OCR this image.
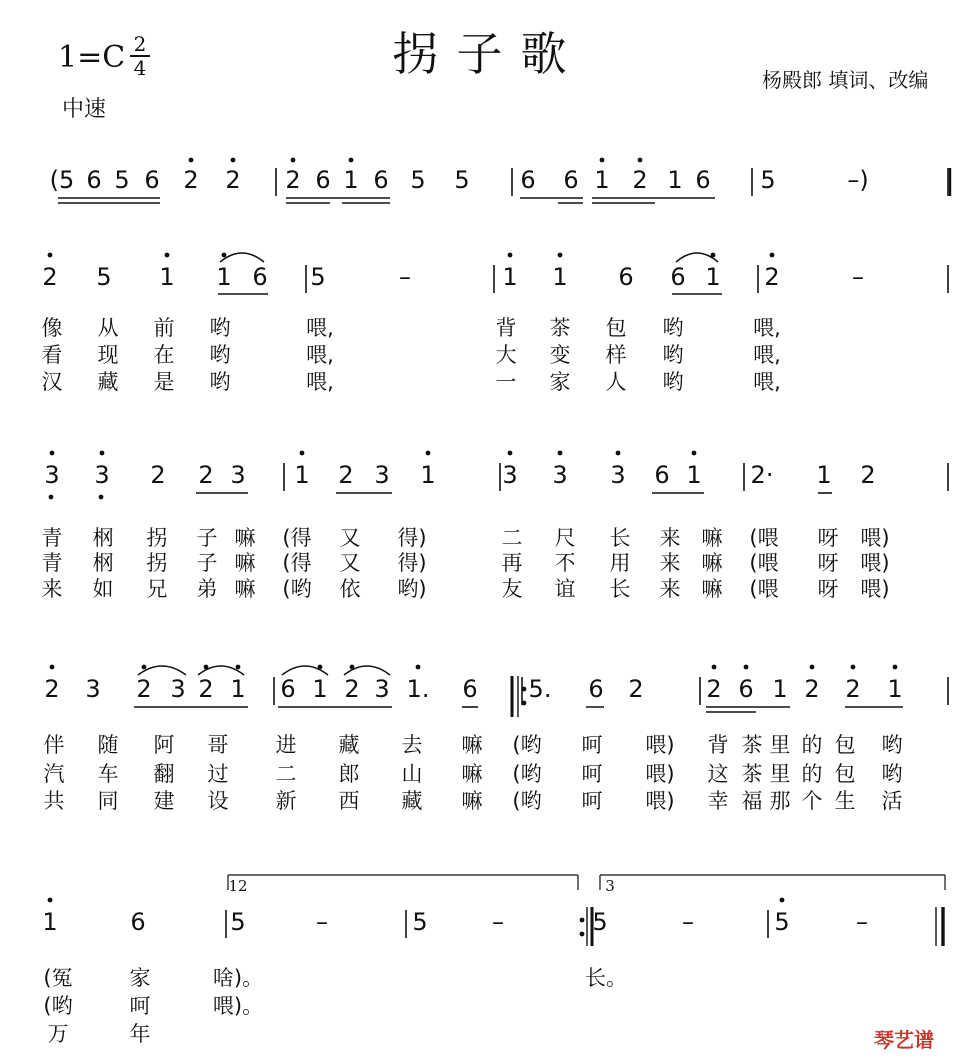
1=C 2
4	拐子歌
中速
杨殿郎 填词、改编
(5 6 5 6 2 2 2 6 1 6 5 5 6 6 1 2 1 6 5	–)
2 5 1 1 6 5	–	1 1 6 6 1 2	–
像 从 前 哟	喂,	背 茶 包 哟	喂,
看 现 在 哟	喂,	大 变 样 哟	喂,
汉 藏 是 哟	喂,	一 家 人 哟	喂,
3 3 2 2 3 1 2 3 1	3 3 3 6 1 2· 1 2
青 㭎 拐 子 嘛 (得 又 得)	二 尺 长 来 嘛 (喂 呀 喂)
青 㭎 拐 子 嘛 (得 又 得)	再 不 用 来 嘛 (喂 呀 喂)
来 如 兄 弟 嘛 (哟 依 哟)	友 谊 长 来 嘛 (喂 呀 喂)
2 3 2 3 2 1 6 1 2 3 1. 6 5. 6 2	2 6 1 2 2 1
伴 随 阿 哥 进 藏 去 嘛 (哟 呵 喂) 背 茶 里 的 包 哟
汽 车 翻 过 二 郎 山 嘛 (哟 呵 喂) 这 茶 里 的 包 哟
共 同 建 设 新 西 藏 嘛 (哟 呵 喂) 幸 福 那 个 生 活
1	6	5	–	5	–	5	–	5	–
12	3
(冤	家	啥)。	长。
(哟	呵	喂)。
万	年	琴艺谱
